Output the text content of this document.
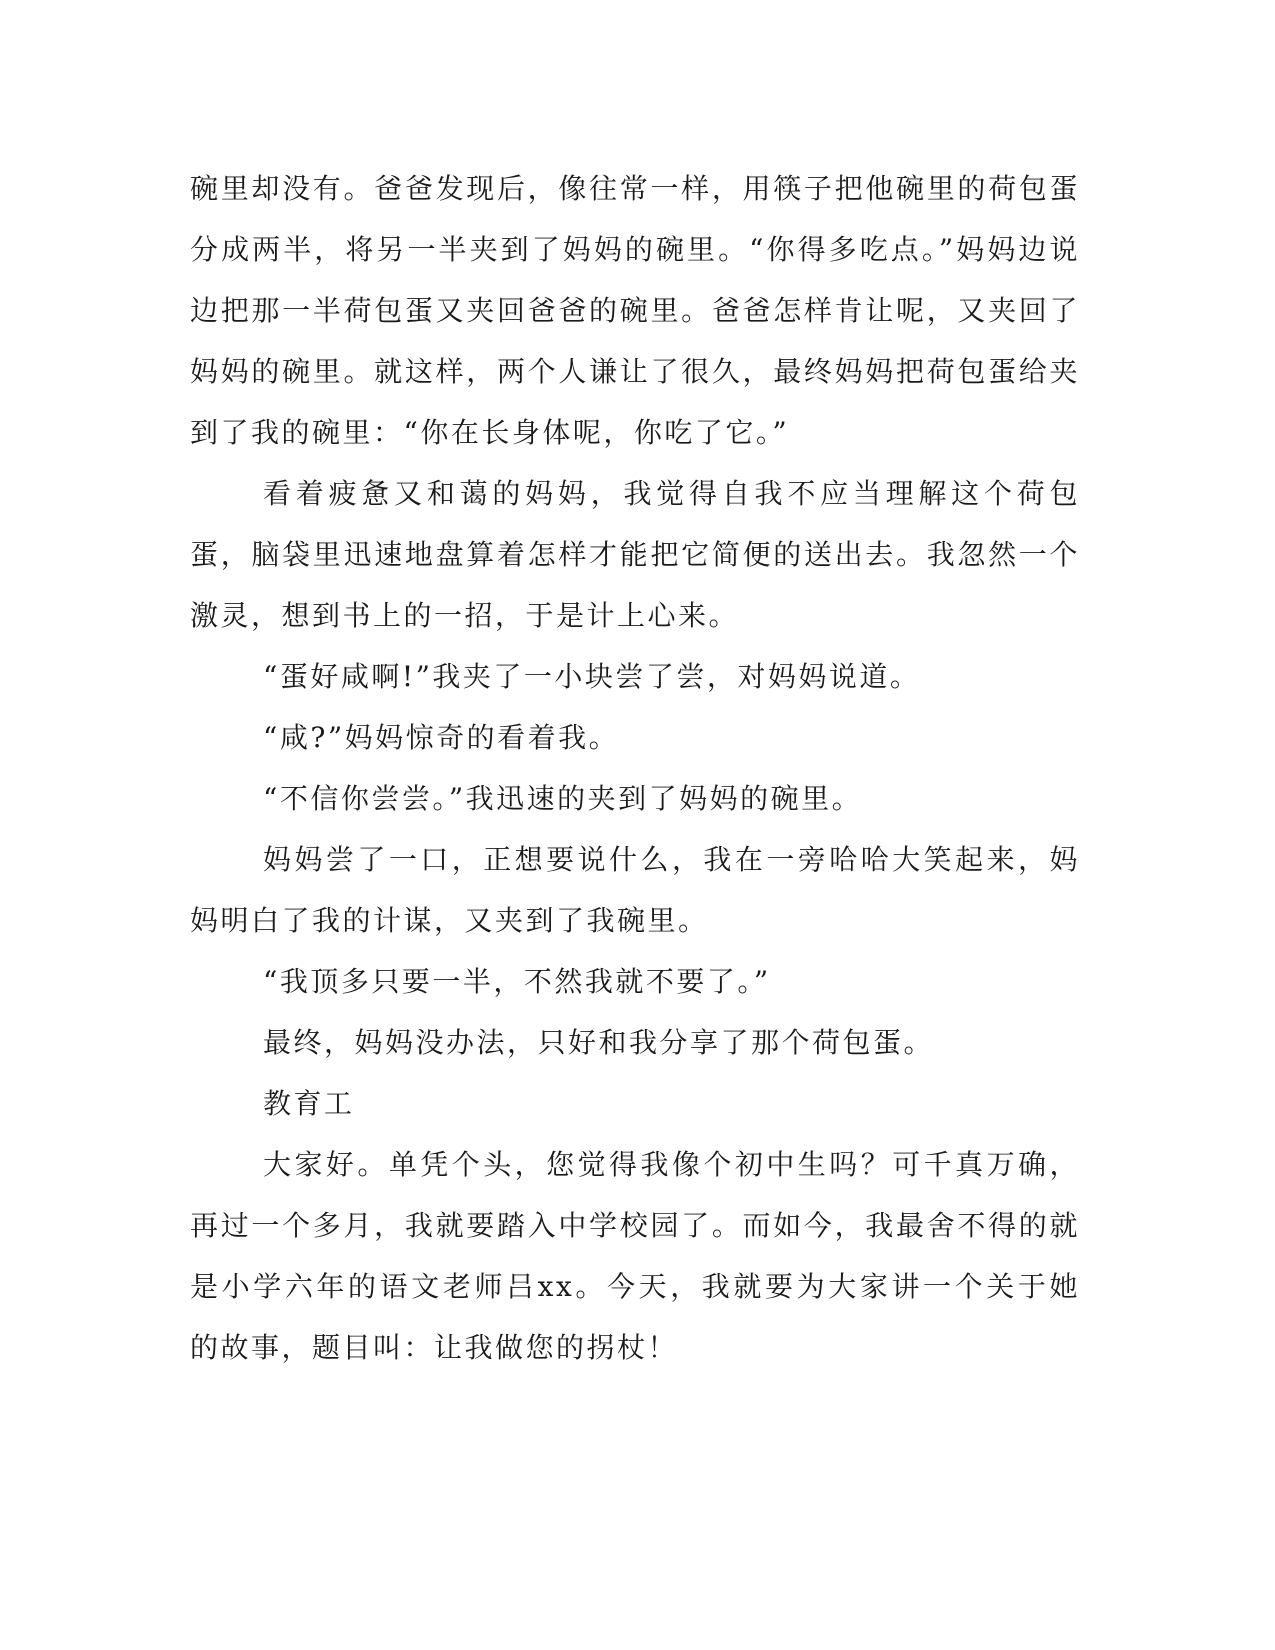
碗里却没有。爸爸发现后，像往常一样，用筷子把他碗里的荷包蛋分成两半，将另一半夹到了妈妈的碗里。“你得多吃点。”妈妈边说边把那一半荷包蛋又夹回爸爸的碗里。爸爸怎样肯让呢，又夹回了妈妈的碗里。就这样，两个人谦让了很久，最终妈妈把荷包蛋给夹到了我的碗里：“你在长身体呢，你吃了它。”

看着疲惫又和蔼的妈妈，我觉得自我不应当理解这个荷包蛋，脑袋里迅速地盘算着怎样才能把它简便的送出去。我忽然一个激灵，想到书上的一招，于是计上心来。

“蛋好咸啊!”我夹了一小块尝了尝，对妈妈说道。

“咸?”妈妈惊奇的看着我。

“不信你尝尝。”我迅速的夹到了妈妈的碗里。

妈妈尝了一口，正想要说什么，我在一旁哈哈大笑起来，妈妈明白了我的计谋，又夹到了我碗里。

“我顶多只要一半，不然我就不要了。”

最终，妈妈没办法，只好和我分享了那个荷包蛋。

教育工

大家好。单凭个头，您觉得我像个初中生吗？可千真万确，再过一个多月，我就要踏入中学校园了。而如今，我最舍不得的就是小学六年的语文老师吕xx。今天，我就要为大家讲一个关于她的故事，题目叫：让我做您的拐杖！
